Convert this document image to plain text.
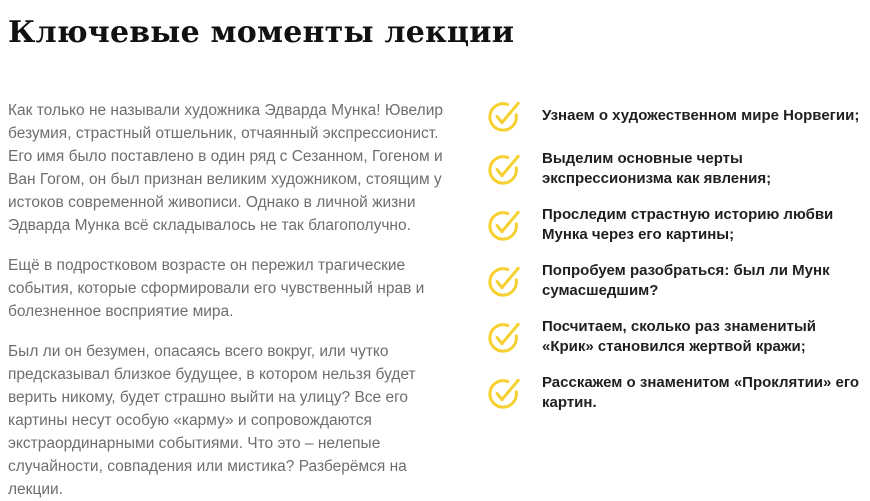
Ключевые моменты лекции

Как только не называли художника Эдварда Мунка! Ювелир безумия, страстный отшельник, отчаянный экспрессионист. Его имя было поставлено в один ряд с Сезанном, Гогеном и Ван Гогом, он был признан великим художником, стоящим у истоков современной живописи. Однако в личной жизни Эдварда Мунка всё складывалось не так благополучно.

Ещё в подростковом возрасте он пережил трагические события, которые сформировали его чувственный нрав и болезненное восприятие мира.

Был ли он безумен, опасаясь всего вокруг, или чутко предсказывал близкое будущее, в котором нельзя будет верить никому, будет страшно выйти на улицу? Все его картины несут особую «карму» и сопровождаются экстраординарными событиями. Что это – нелепые случайности, совпадения или мистика? Разберёмся на лекции.

Узнаем о художественном мире Норвегии;
Выделим основные черты экспрессионизма как явления;
Проследим страстную историю любви Мунка через его картины;
Попробуем разобраться: был ли Мунк сумасшедшим?
Посчитаем, сколько раз знаменитый «Крик» становился жертвой кражи;
Расскажем о знаменитом «Проклятии» его картин.
